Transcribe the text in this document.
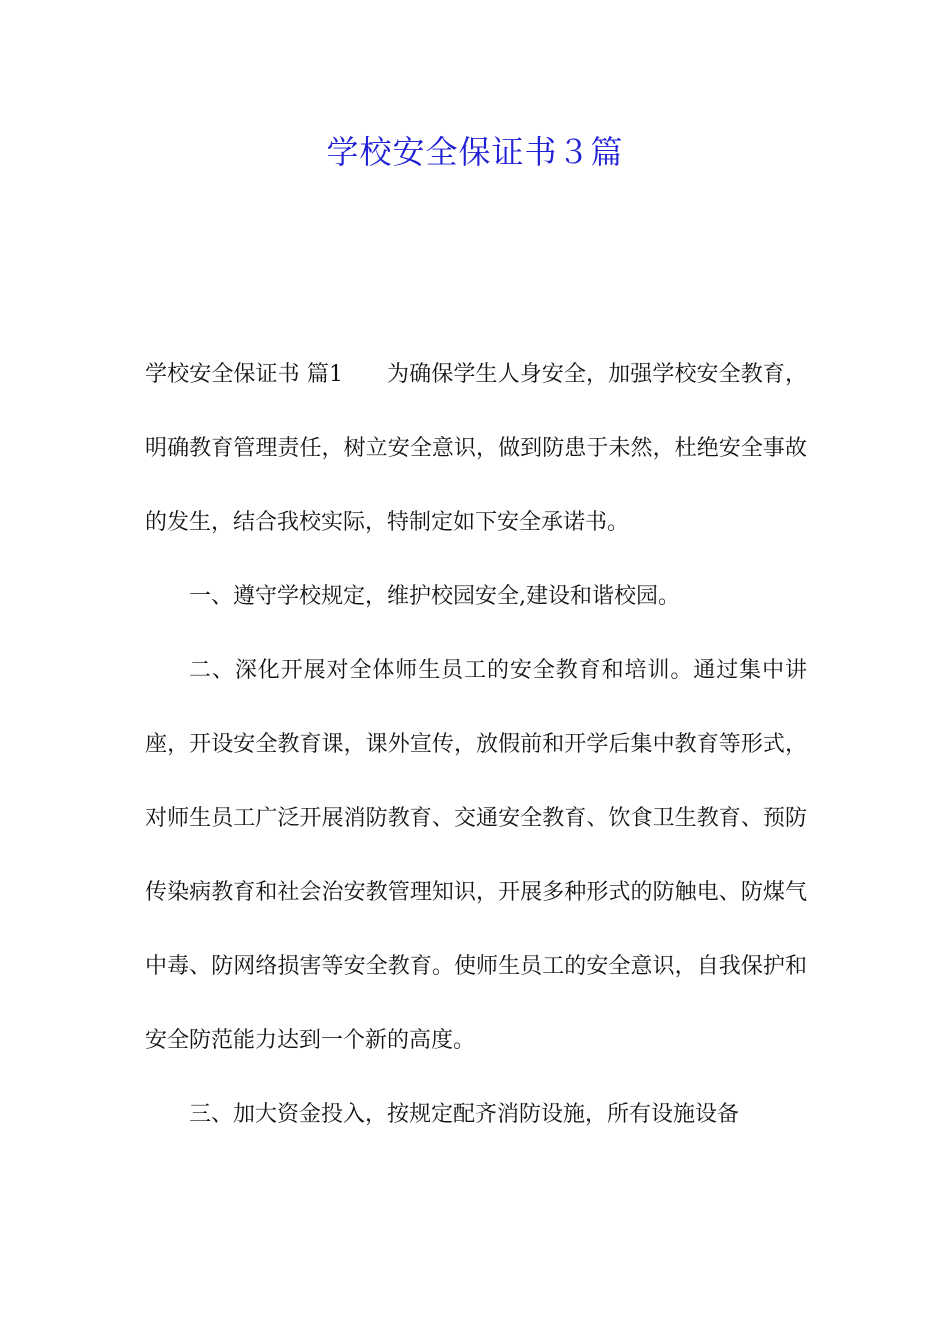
学校安全保证书３篇

学校安全保证书 篇1 为确保学生人身安全，加强学校安全教育，明确教育管理责任，树立安全意识，做到防患于未然，杜绝安全事故的发生，结合我校实际，特制定如下安全承诺书。

一、遵守学校规定，维护校园安全,建设和谐校园。

二、深化开展对全体师生员工的安全教育和培训。通过集中讲座，开设安全教育课，课外宣传，放假前和开学后集中教育等形式，对师生员工广泛开展消防教育、交通安全教育、饮食卫生教育、预防传染病教育和社会治安教管理知识，开展多种形式的防触电、防煤气中毒、防网络损害等安全教育。使师生员工的安全意识，自我保护和安全防范能力达到一个新的高度。

三、加大资金投入，按规定配齐消防设施，所有设施设备
